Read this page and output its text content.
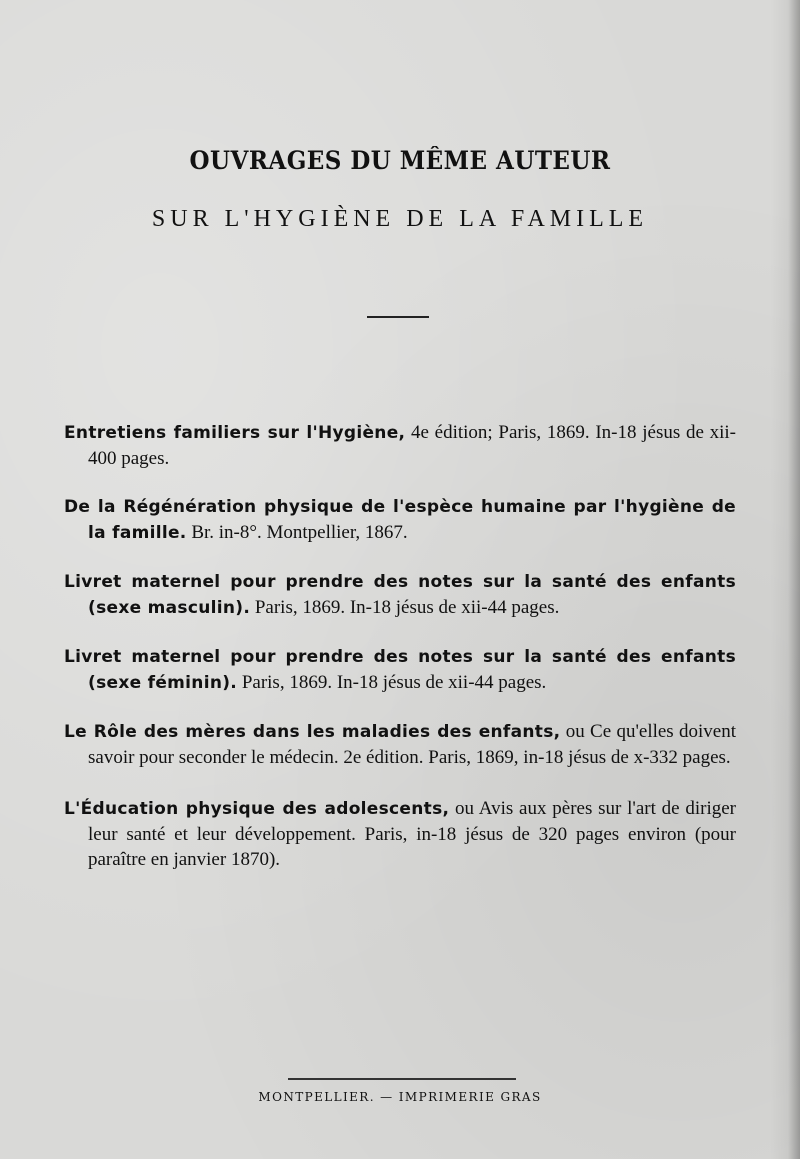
OUVRAGES DU MÊME AUTEUR
SUR L'HYGIÈNE DE LA FAMILLE
Entretiens familiers sur l'Hygiène, 4e édition; Paris, 1869. In-18 jésus de xii-400 pages.
De la Régénération physique de l'espèce humaine par l'hygiène de la famille. Br. in-8°. Montpellier, 1867.
Livret maternel pour prendre des notes sur la santé des enfants (sexe masculin). Paris, 1869. In-18 jésus de xii-44 pages.
Livret maternel pour prendre des notes sur la santé des enfants (sexe féminin). Paris, 1869. In-18 jésus de xii-44 pages.
Le Rôle des mères dans les maladies des enfants, ou Ce qu'elles doivent savoir pour seconder le médecin. 2e édition. Paris, 1869, in-18 jésus de x-332 pages.
L'Éducation physique des adolescents, ou Avis aux pères sur l'art de diriger leur santé et leur développement. Paris, in-18 jésus de 320 pages environ (pour paraître en janvier 1870).
MONTPELLIER. — IMPRIMERIE GRAS
